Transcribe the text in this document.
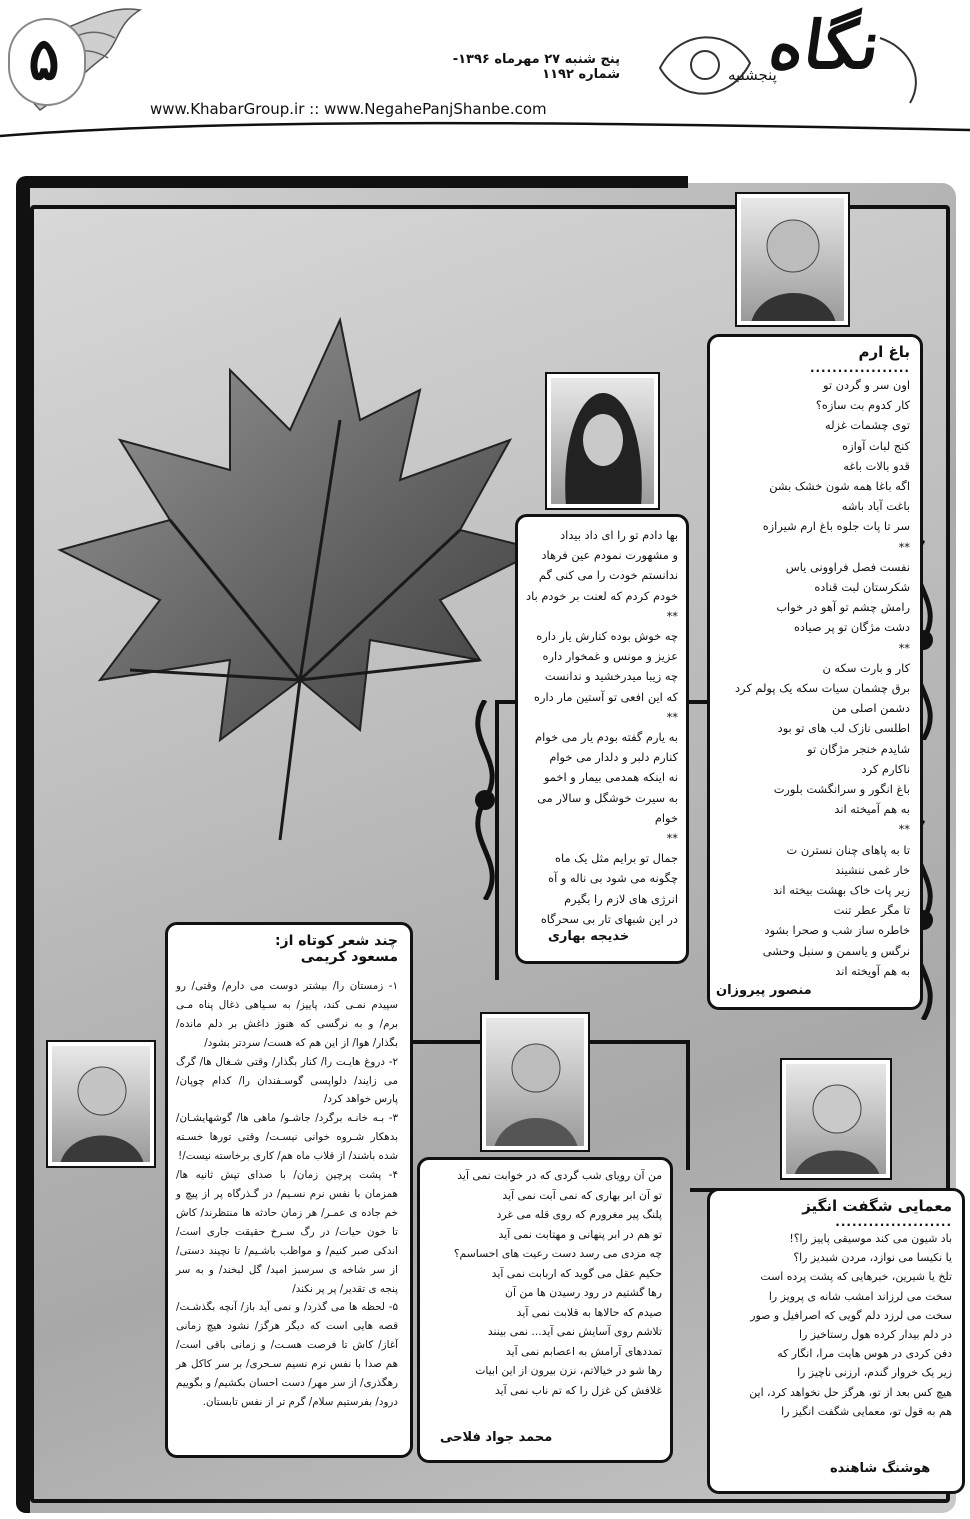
۵	پنج شنبه ۲۷ مهرماه ۱۳۹۶- شماره ۱۱۹۲
www.KhabarGroup.ir :: www.NegahePanjShanbe.com
نگاه
پنجشنبه
باغ ارم
..................
اون سر و گردن تو
کار کدوم بت سازه؟
توی چشمات غزله
کنج لبات آوازه
قدو بالات باغه
اگه باغا همه شون خشک بشن
باغت آباد باشه
سر تا پات جلوه باغ ارم شیرازه
**
نفست فصل فراوونی یاس
شکرستان لبت قناده
رامش چشم تو آهو در خواب
دشت مژگان تو پر صیاده
**
کار و بارت سکه ن
برق چشمان سیات سکه یک پولم کرد
دشمن اصلی من
اطلسی نازک لب های تو بود
شایدم خنجر مژگان تو
ناکارم کرد
باغ انگور و سرانگشت بلورت
به هم آمیخته اند
**
تا به پاهای چنان نسترن ت
خار غمی ننشیند
زیر پات خاک بهشت بیخته اند
تا مگر عطر تنت
خاطره ساز شب و صحرا بشود
نرگس و یاسمن و سنبل وحشی
به هم آویخته اند
منصور پیروزان
بها دادم تو را ای داد بیداد
و مشهورت نمودم عین فرهاد
ندانستم خودت را می کنی گم
خودم کردم که لعنت بر خودم باد
**
چه خوش بوده کنارش یار داره
عزیز و مونس و غمخوار داره
چه زیبا میدرخشید و ندانست
که این افعی تو آستین مار داره
**
به یارم گفته بودم یار می خوام
کنارم دلبر و دلدار می خوام
نه اینکه همدمی بیمار و اخمو
به سیرت خوشگل و سالار می خوام
**
جمال تو برایم مثل یک ماه
چگونه می شود بی ناله و آه
انرژی های لازم را بگیرم
در این شبهای تار بی سحرگاه
خدیجه بهاری
چند شعر کوتاه از:
مسعود کریمی
۱- زمستان را/ بیشتر دوست می دارم/ وقتی/ رو سپیدم نمـی کند، پاییز/ به سـیاهی ذغال پناه مـی برم/ و به نرگسی که هنوز داغش بر دلم مانده/ بگذار/ هوا/ از این هم که هست/ سردتر بشود/
۲- دروغ هایـت را/ کنار بگذار/ وقتی شـغال ها/ گرگ می زایند/ دلواپسی گوسـفندان را/ کدام چوپان/ پارس خواهد کرد/
۳- بـه خانـه برگرد/ جاشـو/ ماهی ها/ گوشهایشـان/ بدهکار شـروه خوانی نیسـت/ وقتی تورها خسـته شده باشند/ از قلاب ماه هم/ کاری برخاسته نیست/!
۴- پشت پرچین زمان/ با صدای تپش ثانیه ها/ همزمان با نفس نرم نسـیم/ در گـذرگاه پر از پیچ و خم جاده ی عمـر/ هر زمان حادثه ها منتظرند/ کاش تا خون حیات/ در رگ سـرخ حقیقت جاری است/ اندکی صبر کنیم/ و مواظب باشـیم/ تا نچیند دستی/ از سر شاخه ی سرسبز امید/ گل لبخند/ و به سر پنجه ی تقدیر/ پر پر نکند/
۵- لحظه ها می گذرد/ و نمی آید باز/ آنچه بگذشـت/ قصه هایی است که دیگر هرگز/ نشود هیچ زمانی آغاز/ کاش تا فرصت هسـت/ و زمانی باقی است/ هم صدا با نفس نرم نسیم سـحری/ بر سر کاکل هر رهگذری/ از سر مهر/ دست احسان بکشیم/ و بگوییم درود/ بفرستیم سلام/ گرم تر از نفس تابستان.
من آن رویای شب گردی که در خوابت نمی آید
تو آن ابر بهاری که نمی آبت نمی آید
پلنگ پیر مغرورم که روی قله می غرد
تو هم در ابر پنهانی و مهتابت نمی آید
چه مزدی می رسد دست رعیت های احساسم؟
حکیم عقل می گوید که اربابت نمی آید
رها گشتیم در رود رسیدن ها من آن
صیدم که حالاها به قلابت نمی آید
تلاشم روی آسایش نمی آید... نمی بینند
تمددهای آرامش به اعصابم نمی آید
رها شو در خیالاتم، نزن بیرون از این ابیات
غلافش کن غزل را که تم ناب نمی آید
محمد جواد فلاحی
معمایی شگفت انگیز
.....................
باد شیون می کند موسیقی پاییز را؟!
یا نکیسا می نوازد، مردن شبدیز را؟
تلخ یا شیرین، خبرهایی که پشت پرده است
سخت می لرزاند امشب شانه ی پرویز را
سخت می لرزد دلم گویی که اصرافیل و صور
در دلم بیدار کرده هول رستاخیز را
دفن کردی در هوس هایت مرا، انگار که
زیر یک خروار گندم، ارزنی ناچیز را
هیچ کس بعد از تو، هرگز حل نخواهد کرد، این
هم به قول تو، معمایی شگفت انگیز را
هوشنگ شاهنده
